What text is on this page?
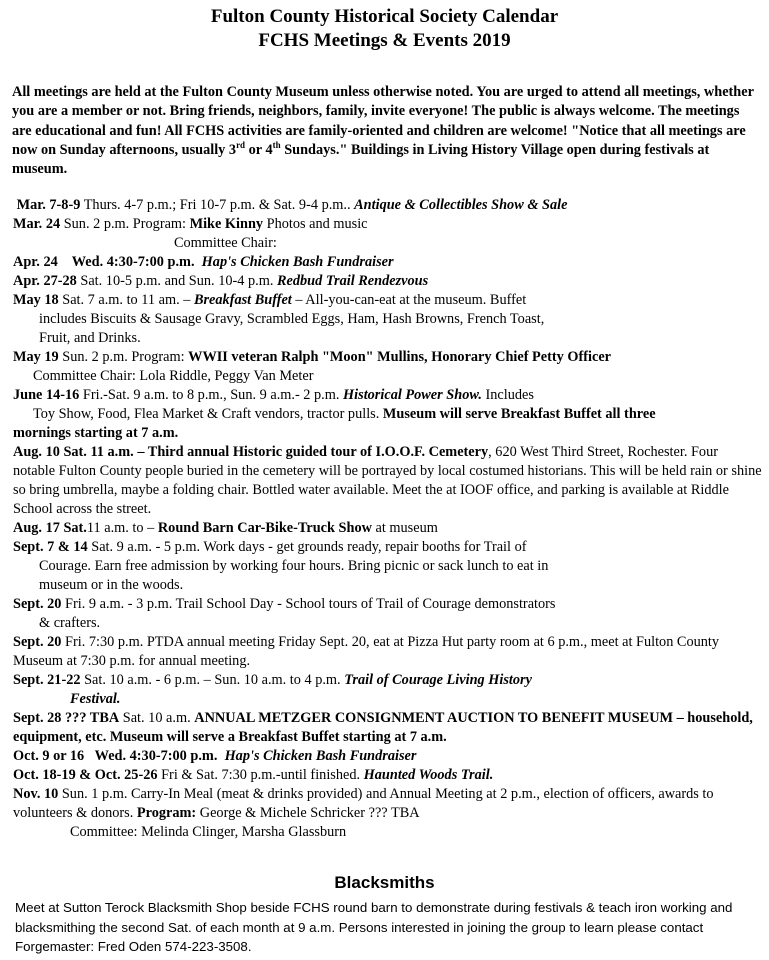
Fulton County Historical Society Calendar
FCHS Meetings & Events 2019
All meetings are held at the Fulton County Museum unless otherwise noted. You are urged to attend all meetings, whether you are a member or not. Bring friends, neighbors, family, invite everyone! The public is always welcome. The meetings are educational and fun! All FCHS activities are family-oriented and children are welcome! "Notice that all meetings are now on Sunday afternoons, usually 3rd or 4th Sundays." Buildings in Living History Village open during festivals at museum.
Mar. 7-8-9 Thurs. 4-7 p.m.; Fri 10-7 p.m. & Sat. 9-4 p.m.. Antique & Collectibles Show & Sale
Mar. 24 Sun. 2 p.m. Program: Mike Kinny Photos and music
Committee Chair:
Apr. 24    Wed. 4:30-7:00 p.m. Hap's Chicken Bash Fundraiser
Apr. 27-28 Sat. 10-5 p.m. and Sun. 10-4 p.m. Redbud Trail Rendezvous
May 18 Sat. 7 a.m. to 11 am. – Breakfast Buffet – All-you-can-eat at the museum. Buffet
includes Biscuits & Sausage Gravy, Scrambled Eggs, Ham, Hash Browns, French Toast,
Fruit, and Drinks.
May 19 Sun. 2 p.m. Program: WWII veteran Ralph "Moon" Mullins, Honorary Chief Petty Officer
Committee Chair: Lola Riddle, Peggy Van Meter
June 14-16 Fri.-Sat. 9 a.m. to 8 p.m., Sun. 9 a.m.- 2 p.m. Historical Power Show. Includes
Toy Show, Food, Flea Market & Craft vendors, tractor pulls. Museum will serve Breakfast Buffet all three
mornings starting at 7 a.m.
Aug. 10 Sat. 11 a.m. – Third annual Historic guided tour of I.O.O.F. Cemetery, 620 West Third Street, Rochester. Four notable Fulton County people buried in the cemetery will be portrayed by local costumed historians. This will be held rain or shine so bring umbrella, maybe a folding chair. Bottled water available. Meet the at IOOF office, and parking is available at Riddle School across the street.
Aug. 17 Sat.11 a.m. to – Round Barn Car-Bike-Truck Show at museum
Sept. 7 & 14 Sat. 9 a.m. - 5 p.m. Work days - get grounds ready, repair booths for Trail of
Courage. Earn free admission by working four hours. Bring picnic or sack lunch to eat in
museum or in the woods.
Sept. 20 Fri. 9 a.m. - 3 p.m. Trail School Day - School tours of Trail of Courage demonstrators
& crafters.
Sept. 20 Fri. 7:30 p.m. PTDA annual meeting Friday Sept. 20, eat at Pizza Hut party room at 6 p.m., meet at Fulton County Museum at 7:30 p.m. for annual meeting.
Sept. 21-22 Sat. 10 a.m. - 6 p.m. – Sun. 10 a.m. to 4 p.m. Trail of Courage Living History
Festival.
Sept. 28 ??? TBA Sat. 10 a.m. ANNUAL METZGER CONSIGNMENT AUCTION TO BENEFIT MUSEUM – household, equipment, etc. Museum will serve a Breakfast Buffet starting at 7 a.m.
Oct. 9 or 16   Wed. 4:30-7:00 p.m. Hap's Chicken Bash Fundraiser
Oct. 18-19 & Oct. 25-26 Fri & Sat. 7:30 p.m.-until finished. Haunted Woods Trail.
Nov. 10 Sun. 1 p.m. Carry-In Meal (meat & drinks provided) and Annual Meeting at 2 p.m., election of officers, awards to volunteers & donors. Program: George & Michele Schricker ??? TBA
Committee: Melinda Clinger, Marsha Glassburn
Blacksmiths
Meet at Sutton Terock Blacksmith Shop beside FCHS round barn to demonstrate during festivals & teach iron working and blacksmithing the second Sat. of each month at 9 a.m. Persons interested in joining the group to learn please contact Forgemaster: Fred Oden 574-223-3508.
